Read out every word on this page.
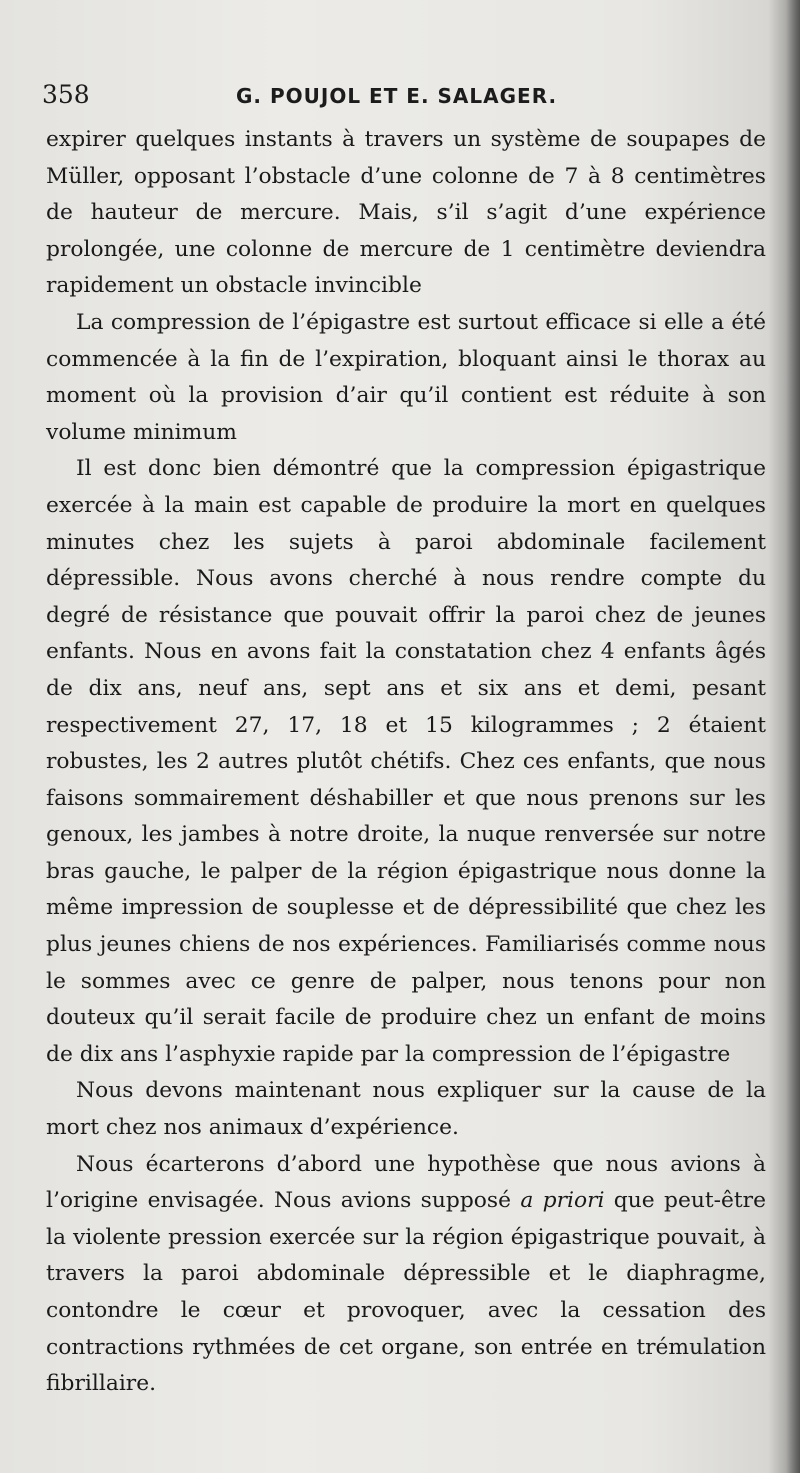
358	G. POUJOL ET E. SALAGER.

expirer quelques instants à travers un système de soupapes de Müller, opposant l’obstacle d’une colonne de 7 à 8 centimètres de hauteur de mercure. Mais, s’il s’agit d’une expérience prolongée, une colonne de mercure de 1 centimètre deviendra rapidement un obstacle invincible

La compression de l’épigastre est surtout efficace si elle a été commencée à la fin de l’expiration, bloquant ainsi le thorax au moment où la provision d’air qu’il contient est réduite à son volume minimum

Il est donc bien démontré que la compression épigastrique exercée à la main est capable de produire la mort en quelques minutes chez les sujets à paroi abdominale facilement dépressible. Nous avons cherché à nous rendre compte du degré de résistance que pouvait offrir la paroi chez de jeunes enfants. Nous en avons fait la constatation chez 4 enfants âgés de dix ans, neuf ans, sept ans et six ans et demi, pesant respectivement 27, 17, 18 et 15 kilogrammes ; 2 étaient robustes, les 2 autres plutôt chétifs. Chez ces enfants, que nous faisons sommairement déshabiller et que nous prenons sur les genoux, les jambes à notre droite, la nuque renversée sur notre bras gauche, le palper de la région épigastrique nous donne la même impression de souplesse et de dépressibilité que chez les plus jeunes chiens de nos expériences. Familiarisés comme nous le sommes avec ce genre de palper, nous tenons pour non douteux qu’il serait facile de produire chez un enfant de moins de dix ans l’asphyxie rapide par la compression de l’épigastre

Nous devons maintenant nous expliquer sur la cause de la mort chez nos animaux d’expérience.

Nous écarterons d’abord une hypothèse que nous avions à l’origine envisagée. Nous avions supposé a priori que peut-être la violente pression exercée sur la région épigastrique pouvait, à travers la paroi abdominale dépressible et le diaphragme, contondre le cœur et provoquer, avec la cessation des contractions rythmées de cet organe, son entrée en trémulation fibrillaire.
